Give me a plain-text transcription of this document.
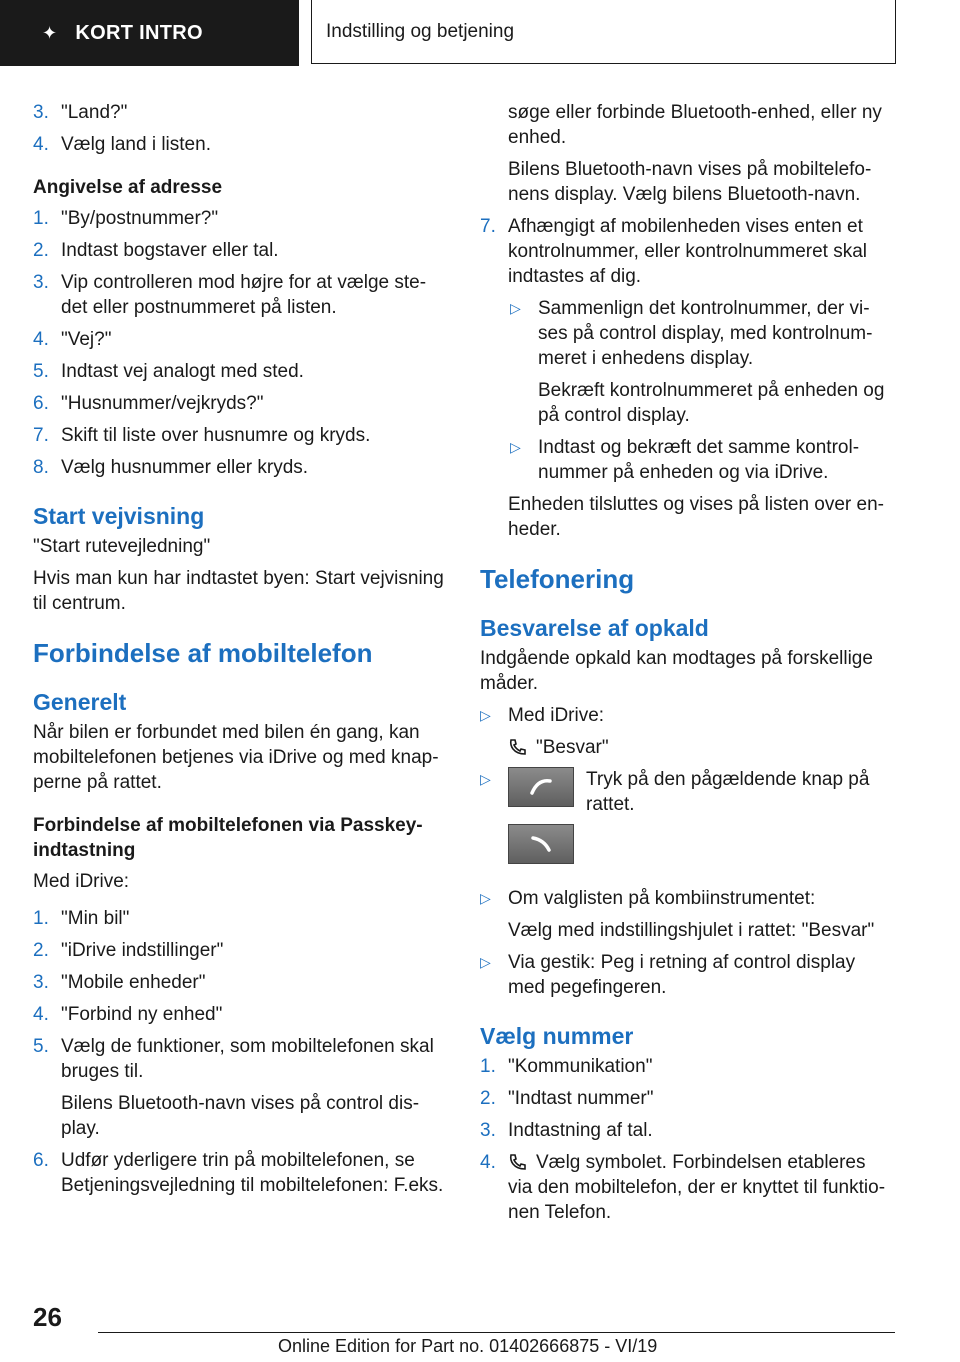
✦ KORT INTRO	Indstilling og betjening
3. "Land?"
4. Vælg land i listen.
Angivelse af adresse
1. "By/postnummer?"
2. Indtast bogstaver eller tal.
3. Vip controlleren mod højre for at vælge ste-det eller postnummeret på listen.
4. "Vej?"
5. Indtast vej analogt med sted.
6. "Husnummer/vejkryds?"
7. Skift til liste over husnumre og kryds.
8. Vælg husnummer eller kryds.
Start vejvisning
"Start rutevejledning"
Hvis man kun har indtastet byen: Start vejvisning til centrum.
Forbindelse af mobiltelefon
Generelt
Når bilen er forbundet med bilen én gang, kan mobiltelefonen betjenes via iDrive og med knap-perne på rattet.
Forbindelse af mobiltelefonen via Passkey-indtastning
Med iDrive:
1. "Min bil"
2. "iDrive indstillinger"
3. "Mobile enheder"
4. "Forbind ny enhed"
5. Vælg de funktioner, som mobiltelefonen skal bruges til.
Bilens Bluetooth-navn vises på control dis-play.
6. Udfør yderligere trin på mobiltelefonen, se Betjeningsvejledning til mobiltelefonen: F.eks.
søge eller forbinde Bluetooth-enhed, eller ny enhed.
Bilens Bluetooth-navn vises på mobiltelefo-nens display. Vælg bilens Bluetooth-navn.
7. Afhængigt af mobilenheden vises enten et kontrolnummer, eller kontrolnummeret skal indtastes af dig.
▷ Sammenlign det kontrolnummer, der vi-ses på control display, med kontrolnum-meret i enhedens display.
Bekræft kontrolnummeret på enheden og på control display.
▷ Indtast og bekræft det samme kontrol-nummer på enheden og via iDrive.
Enheden tilsluttes og vises på listen over en-heder.
Telefonering
Besvarelse af opkald
Indgående opkald kan modtages på forskellige måder.
▷ Med iDrive:
"Besvar"
▷	Tryk på den pågældende knap på rattet.
▷ Om valglisten på kombiinstrumentet:
Vælg med indstillingshjulet i rattet: "Besvar"
▷ Via gestik: Peg i retning af control display med pegefingeren.
Vælg nummer
1. "Kommunikation"
2. "Indtast nummer"
3. Indtastning af tal.
4. Vælg symbolet. Forbindelsen etableres via den mobiltelefon, der er knyttet til funktio-nen Telefon.
26
Online Edition for Part no. 01402666875 - VI/19
